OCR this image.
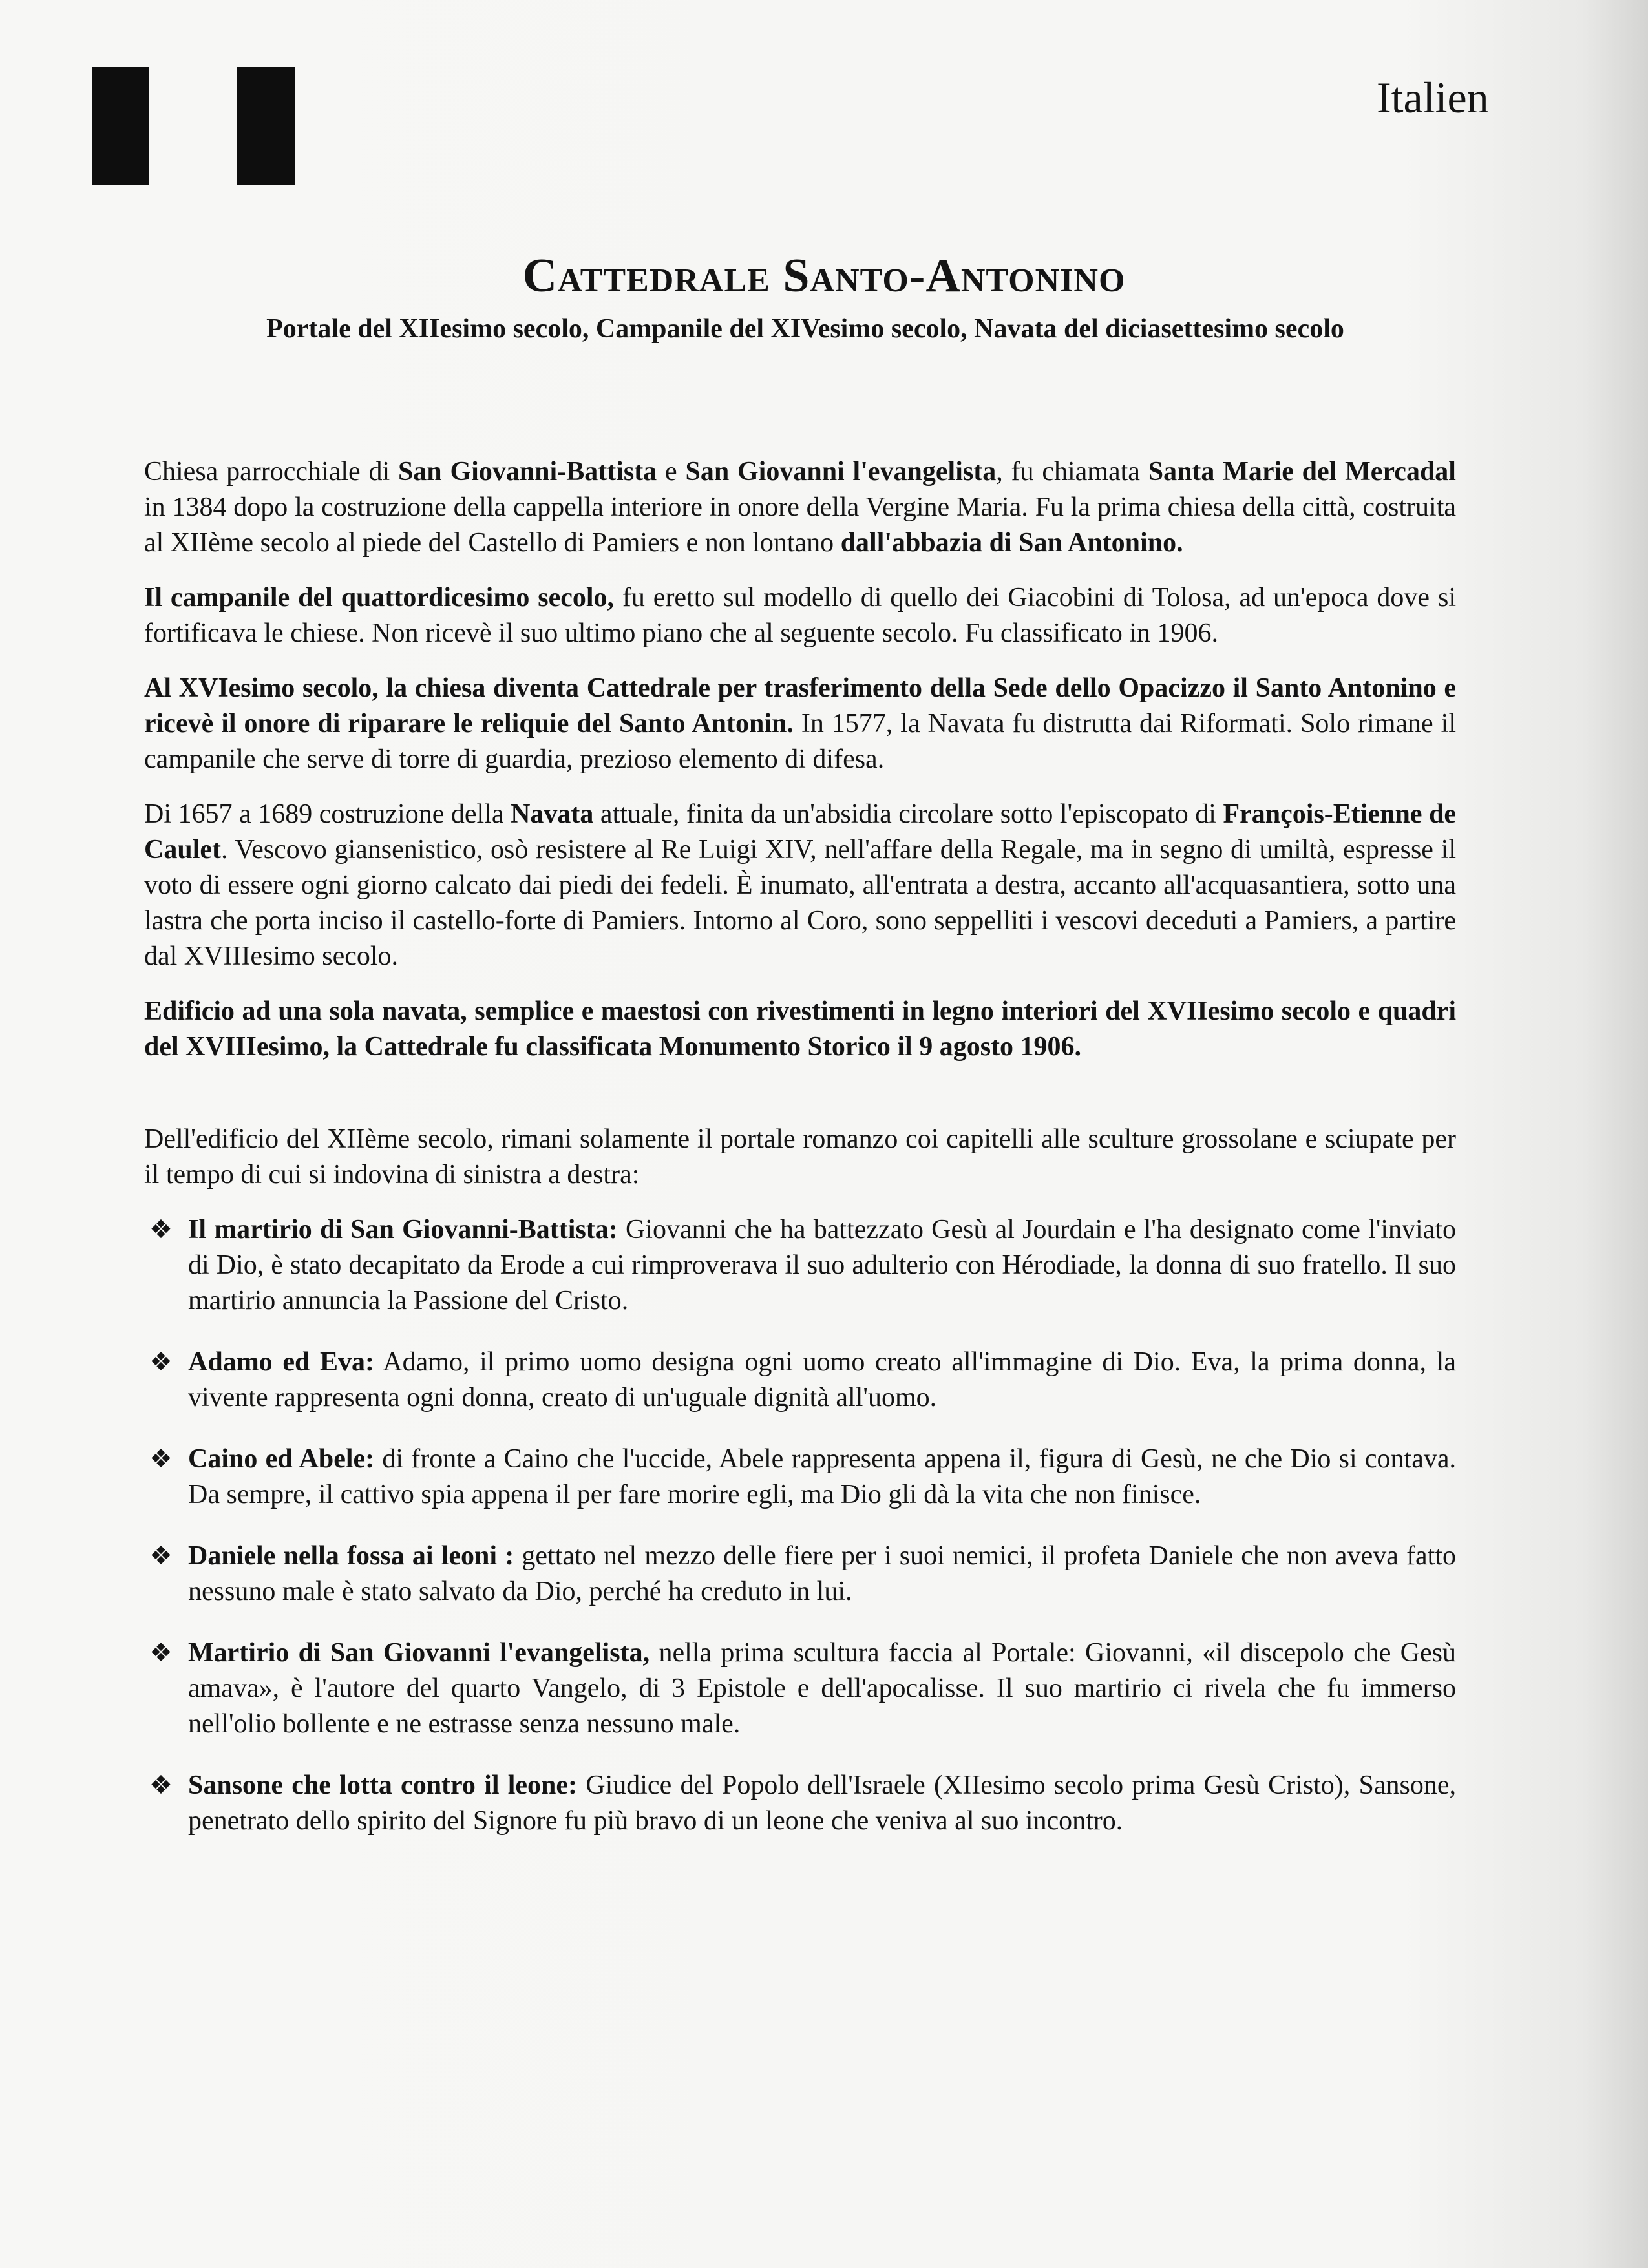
Italien
Cattedrale Santo-Antonino
Portale del XIIesimo secolo, Campanile del XIVesimo secolo, Navata del diciasettesimo secolo

Chiesa parrocchiale di San Giovanni-Battista e San Giovanni l'evangelista, fu chiamata Santa Marie del Mercadal in 1384 dopo la costruzione della cappella interiore in onore della Vergine Maria. Fu la prima chiesa della città, costruita al XIIème secolo al piede del Castello di Pamiers e non lontano dall'abbazia di San Antonino.

Il campanile del quattordicesimo secolo, fu eretto sul modello di quello dei Giacobini di Tolosa, ad un'epoca dove si fortificava le chiese. Non ricevè il suo ultimo piano che al seguente secolo. Fu classificato in 1906.

Al XVIesimo secolo, la chiesa diventa Cattedrale per trasferimento della Sede dello Opacizzo il Santo Antonino e ricevè il onore di riparare le reliquie del Santo Antonin. In 1577, la Navata fu distrutta dai Riformati. Solo rimane il campanile che serve di torre di guardia, prezioso elemento di difesa.

Di 1657 a 1689 costruzione della Navata attuale, finita da un'absidia circolare sotto l'episcopato di François-Etienne de Caulet. Vescovo giansenistico, osò resistere al Re Luigi XIV, nell'affare della Regale, ma in segno di umiltà, espresse il voto di essere ogni giorno calcato dai piedi dei fedeli. È inumato, all'entrata a destra, accanto all'acquasantiera, sotto una lastra che porta inciso il castello-forte di Pamiers. Intorno al Coro, sono seppelliti i vescovi deceduti a Pamiers, a partire dal XVIIIesimo secolo.

Edificio ad una sola navata, semplice e maestosi con rivestimenti in legno interiori del XVIIesimo secolo e quadri del XVIIIesimo, la Cattedrale fu classificata Monumento Storico il 9 agosto 1906.

Dell'edificio del XIIème secolo, rimani solamente il portale romanzo coi capitelli alle sculture grossolane e sciupate per il tempo di cui si indovina di sinistra a destra:

❖ Il martirio di San Giovanni-Battista: Giovanni che ha battezzato Gesù al Jourdain e l'ha designato come l'inviato di Dio, è stato decapitato da Erode a cui rimproverava il suo adulterio con Hérodiade, la donna di suo fratello. Il suo martirio annuncia la Passione del Cristo.
❖ Adamo ed Eva: Adamo, il primo uomo designa ogni uomo creato all'immagine di Dio. Eva, la prima donna, la vivente rappresenta ogni donna, creato di un'uguale dignità all'uomo.
❖ Caino ed Abele: di fronte a Caino che l'uccide, Abele rappresenta appena il, figura di Gesù, ne che Dio si contava. Da sempre, il cattivo spia appena il per fare morire egli, ma Dio gli dà la vita che non finisce.
❖ Daniele nella fossa ai leoni : gettato nel mezzo delle fiere per i suoi nemici, il profeta Daniele che non aveva fatto nessuno male è stato salvato da Dio, perché ha creduto in lui.
❖ Martirio di San Giovanni l'evangelista, nella prima scultura faccia al Portale: Giovanni, «il discepolo che Gesù amava», è l'autore del quarto Vangelo, di 3 Epistole e dell'apocalisse. Il suo martirio ci rivela che fu immerso nell'olio bollente e ne estrasse senza nessuno male.
❖ Sansone che lotta contro il leone: Giudice del Popolo dell'Israele (XIIesimo secolo prima Gesù Cristo), Sansone, penetrato dello spirito del Signore fu più bravo di un leone che veniva al suo incontro.
